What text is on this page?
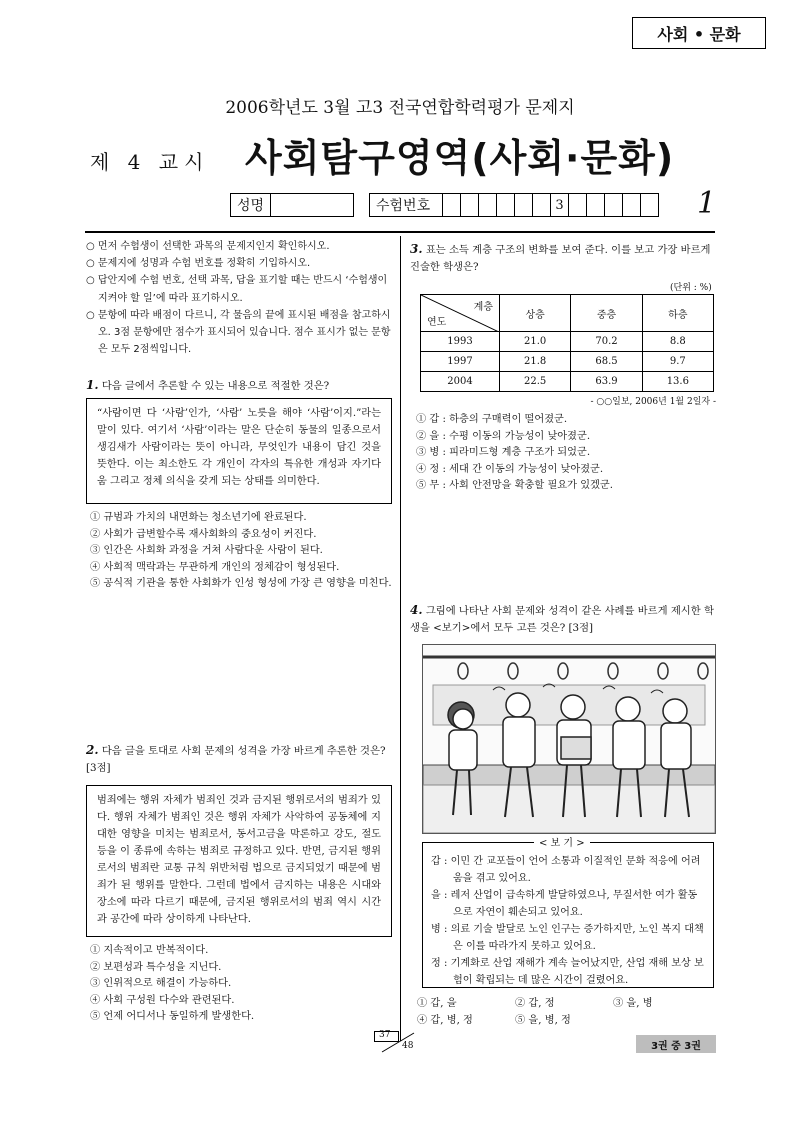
사회 • 문화
2006학년도 3월 고3 전국연합학력평가 문제지
제 4 교시 사회탐구영역(사회·문화)
성명	수험번호	3	1
○ 먼저 수험생이 선택한 과목의 문제지인지 확인하시오.
○ 문제지에 성명과 수험 번호를 정확히 기입하시오.
○ 답안지에 수험 번호, 선택 과목, 답을 표기할 때는 반드시 ‘수험생이 지켜야 할 일’에 따라 표기하시오.
○ 문항에 따라 배점이 다르니, 각 물음의 끝에 표시된 배점을 참고하시오. 3점 문항에만 점수가 표시되어 있습니다. 점수 표시가 없는 문항은 모두 2점씩입니다.
1. 다음 글에서 추론할 수 있는 내용으로 적절한 것은?
“사람이면 다 ‘사람’인가, ‘사람’ 노릇을 해야 ‘사람’이지.”라는 말이 있다. 여기서 ‘사람’이라는 말은 단순히 동물의 일종으로서 생김새가 사람이라는 뜻이 아니라, 무엇인가 내용이 담긴 것을 뜻한다. 이는 최소한도 각 개인이 각자의 특유한 개성과 자기다움 그리고 정체 의식을 갖게 되는 상태를 의미한다.
① 규범과 가치의 내면화는 청소년기에 완료된다.
② 사회가 급변할수록 재사회화의 중요성이 커진다.
③ 인간은 사회화 과정을 거쳐 사람다운 사람이 된다.
④ 사회적 맥락과는 무관하게 개인의 정체감이 형성된다.
⑤ 공식적 기관을 통한 사회화가 인성 형성에 가장 큰 영향을 미친다.
2. 다음 글을 토대로 사회 문제의 성격을 가장 바르게 추론한 것은? [3점]
범죄에는 행위 자체가 범죄인 것과 금지된 행위로서의 범죄가 있다. 행위 자체가 범죄인 것은 행위 자체가 사악하여 공동체에 지대한 영향을 미치는 범죄로서, 동서고금을 막론하고 강도, 절도 등을 이 종류에 속하는 범죄로 규정하고 있다. 반면, 금지된 행위로서의 범죄란 교통 규칙 위반처럼 법으로 금지되었기 때문에 범죄가 된 행위를 말한다. 그런데 법에서 금지하는 내용은 시대와 장소에 따라 다르기 때문에, 금지된 행위로서의 범죄 역시 시간과 공간에 따라 상이하게 나타난다.
① 지속적이고 반복적이다.
② 보편성과 특수성을 지닌다.
③ 인위적으로 해결이 가능하다.
④ 사회 구성원 다수와 관련된다.
⑤ 언제 어디서나 동일하게 발생한다.
3. 표는 소득 계층 구조의 변화를 보여 준다. 이를 보고 가장 바르게 진술한 학생은?
(단위 : %)
계층
연도	상층	중층	하층
1993	21.0	70.2	8.8
1997	21.8	68.5	9.7
2004	22.5	63.9	13.6
- ○○일보, 2006년 1월 2일자 -
① 갑 : 하층의 구매력이 떨어졌군.
② 을 : 수평 이동의 가능성이 낮아졌군.
③ 병 : 피라미드형 계층 구조가 되었군.
④ 정 : 세대 간 이동의 가능성이 낮아졌군.
⑤ 무 : 사회 안전망을 확충할 필요가 있겠군.
4. 그림에 나타난 사회 문제와 성격이 같은 사례를 바르게 제시한 학생을 <보기>에서 모두 고른 것은? [3점]
갑 : 이민 간 교포들이 언어 소통과 이질적인 문화 적응에 어려움을 겪고 있어요.
을 : 레저 산업이 급속하게 발달하였으나, 무질서한 여가 활동으로 자연이 훼손되고 있어요.
병 : 의료 기술 발달로 노인 인구는 증가하지만, 노인 복지 대책은 이를 따라가지 못하고 있어요.
정 : 기계화로 산업 재해가 계속 늘어났지만, 산업 재해 보상 보험이 확립되는 데 많은 시간이 걸렸어요.
< 보 기 >
① 갑, 을	② 갑, 정	③ 을, 병
④ 갑, 병, 정	⑤ 을, 병, 정
37
48	3권 중 3권
